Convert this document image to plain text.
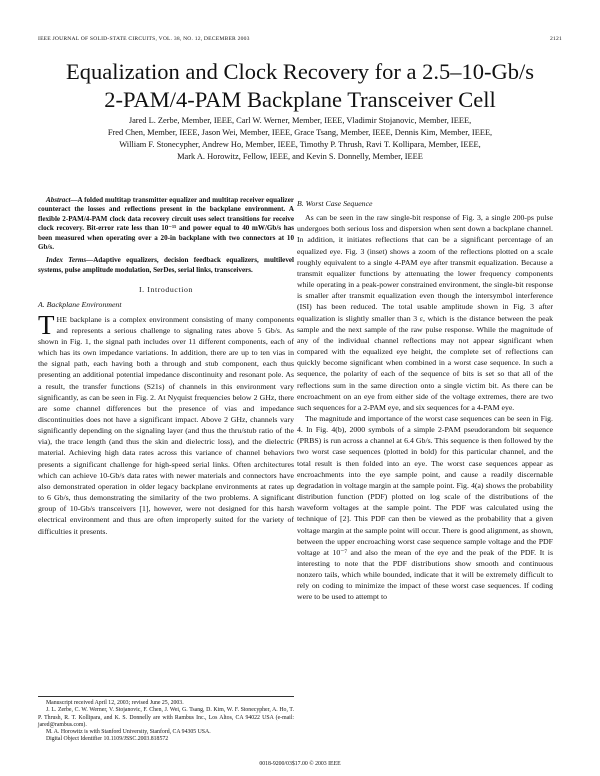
IEEE JOURNAL OF SOLID-STATE CIRCUITS, VOL. 38, NO. 12, DECEMBER 2003	2121
Equalization and Clock Recovery for a 2.5–10-Gb/s
2-PAM/4-PAM Backplane Transceiver Cell
Jared L. Zerbe, Member, IEEE, Carl W. Werner, Member, IEEE, Vladimir Stojanovic, Member, IEEE,
Fred Chen, Member, IEEE, Jason Wei, Member, IEEE, Grace Tsang, Member, IEEE, Dennis Kim, Member, IEEE,
William F. Stonecypher, Andrew Ho, Member, IEEE, Timothy P. Thrush, Ravi T. Kollipara, Member, IEEE,
Mark A. Horowitz, Fellow, IEEE, and Kevin S. Donnelly, Member, IEEE

Abstract—A folded multitap transmitter equalizer and multitap receiver equalizer counteract the losses and reflections present in the backplane environment. A flexible 2-PAM/4-PAM clock data recovery circuit uses select transitions for receive clock recovery. Bit-error rate less than 10⁻¹⁵ and power equal to 40 mW/Gb/s has been measured when operating over a 20-in backplane with two connectors at 10 Gb/s.

Index Terms—Adaptive equalizers, decision feedback equalizers, multilevel systems, pulse amplitude modulation, SerDes, serial links, transceivers.

I. Introduction
A. Backplane Environment

THE backplane is a complex environment consisting of many components and represents a serious challenge to signaling rates above 5 Gb/s. As shown in Fig. 1, the signal path includes over 11 different components, each of which has its own impedance variations. In addition, there are up to ten vias in the signal path, each having both a through and stub component, each thus presenting an additional potential impedance discontinuity and resonant pole. As a result, the transfer functions (S21s) of channels in this environment vary significantly, as can be seen in Fig. 2. At Nyquist frequencies below 2 GHz, there are some channel differences but the presence of vias and impedance discontinuities does not have a significant impact. Above 2 GHz, channels vary significantly depending on the signaling layer (and thus the thru/stub ratio of the via), the trace length (and thus the skin and dielectric loss), and the dielectric material. Achieving high data rates across this variance of channel behaviors presents a significant challenge for high-speed serial links. Often architectures which can achieve 10-Gb/s data rates with newer materials and connectors have also demonstrated operation in older legacy backplane environments at rates up to 6 Gb/s, thus demonstrating the similarity of the two problems. A significant group of 10-Gb/s transceivers [1], however, were not designed for this harsh electrical environment and thus are often improperly suited for the variety of difficulties it presents.

Manuscript received April 12, 2003; revised June 25, 2003.

J. L. Zerbe, C. W. Werner, V. Stojanovic, F. Chen, J. Wei, G. Tsang, D. Kim, W. F. Stonecypher, A. Ho, T. P. Thrush, R. T. Kollipara, and K. S. Donnelly are with Rambus Inc., Los Altos, CA 94022 USA (e-mail: jared@rambus.com).

M. A. Horowitz is with Stanford University, Stanford, CA 94305 USA.

Digital Object Identifier 10.1109/JSSC.2003.818572

B. Worst Case Sequence

As can be seen in the raw single-bit response of Fig. 3, a single 200-ps pulse undergoes both serious loss and dispersion when sent down a backplane channel. In addition, it initiates reflections that can be a significant percentage of an equalized eye. Fig. 3 (inset) shows a zoom of the reflections plotted on a scale roughly equivalent to a single 4-PAM eye after transmit equalization. Because a transmit equalizer functions by attenuating the lower frequency components while operating in a peak-power constrained environment, the single-bit response is smaller after transmit equalization even though the intersymbol interference (ISI) has been reduced. The total usable amplitude shown in Fig. 3 after equalization is slightly smaller than 3 ε, which is the distance between the peak sample and the next sample of the raw pulse response. While the magnitude of any of the individual channel reflections may not appear significant when compared with the equalized eye height, the complete set of reflections can quickly become significant when combined in a worst case sequence. In such a sequence, the polarity of each of the sequence of bits is set so that all of the reflections sum in the same direction onto a single victim bit. As there can be encroachment on an eye from either side of the voltage extremes, there are two such sequences for a 2-PAM eye, and six sequences for a 4-PAM eye.

The magnitude and importance of the worst case sequences can be seen in Fig. 4. In Fig. 4(b), 2000 symbols of a simple 2-PAM pseudorandom bit sequence (PRBS) is run across a channel at 6.4 Gb/s. This sequence is then followed by the two worst case sequences (plotted in bold) for this particular channel, and the total result is then folded into an eye. The worst case sequences appear as encroachments into the eye sample point, and cause a readily discernable degradation in voltage margin at the sample point. Fig. 4(a) shows the probability distribution function (PDF) plotted on log scale of the distributions of the waveform voltages at the sample point. The PDF was calculated using the technique of [2]. This PDF can then be viewed as the probability that a given voltage margin at the sample point will occur. There is good alignment, as shown, between the upper encroaching worst case sequence sample voltage and the PDF voltage at 10⁻⁷ and also the mean of the eye and the peak of the PDF. It is interesting to note that the PDF distributions show smooth and continuous nonzero tails, which while bounded, indicate that it will be extremely difficult to rely on coding to minimize the impact of these worst case sequences. If coding were to be used to attempt to

0018-9200/03$17.00 © 2003 IEEE
